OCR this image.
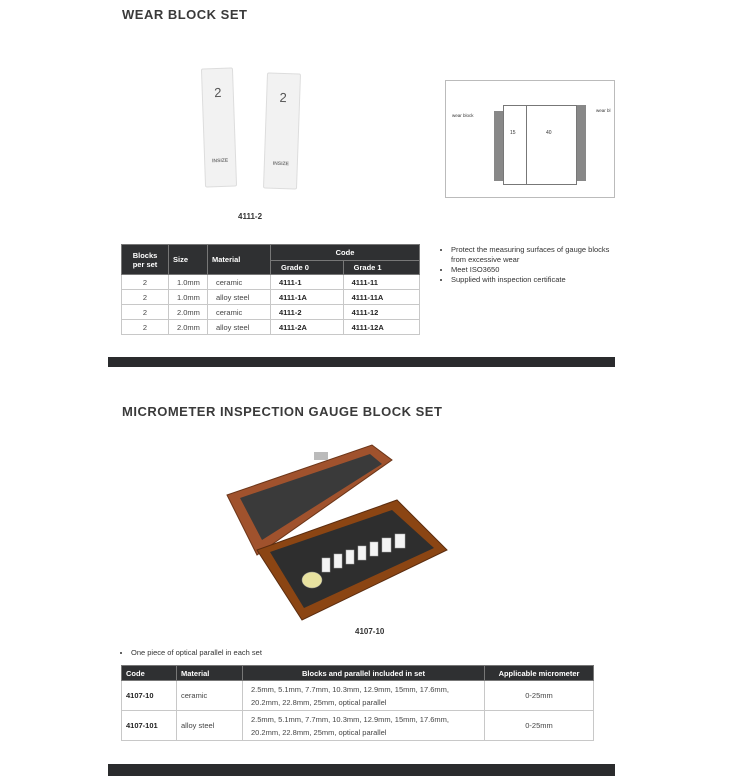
WEAR BLOCK SET
2
INSIZE
2
INSIZE
4111-2
15	40
wear block
wear bl
Blocks
per set	Size	Material	Code	
			Grade 0	Grade 1
2	1.0mm	ceramic	4111-1	4111-11
2	1.0mm	alloy steel	4111-1A	4111-11A
2	2.0mm	ceramic	4111-2	4111-12
2	2.0mm	alloy steel	4111-2A	4111-12A
• Protect the measuring surfaces of gauge blocks from excessive wear
• Meet ISO3650
• Supplied with inspection certificate
MICROMETER INSPECTION GAUGE BLOCK SET
4107-10
• One piece of optical parallel in each set
Code	Material	Blocks and parallel included in set	Applicable micrometer
4107-10	ceramic	2.5mm, 5.1mm, 7.7mm, 10.3mm, 12.9mm, 15mm, 17.6mm,
20.2mm, 22.8mm, 25mm, optical parallel	0-25mm
4107-101	alloy steel	2.5mm, 5.1mm, 7.7mm, 10.3mm, 12.9mm, 15mm, 17.6mm,
20.2mm, 22.8mm, 25mm, optical parallel	0-25mm
